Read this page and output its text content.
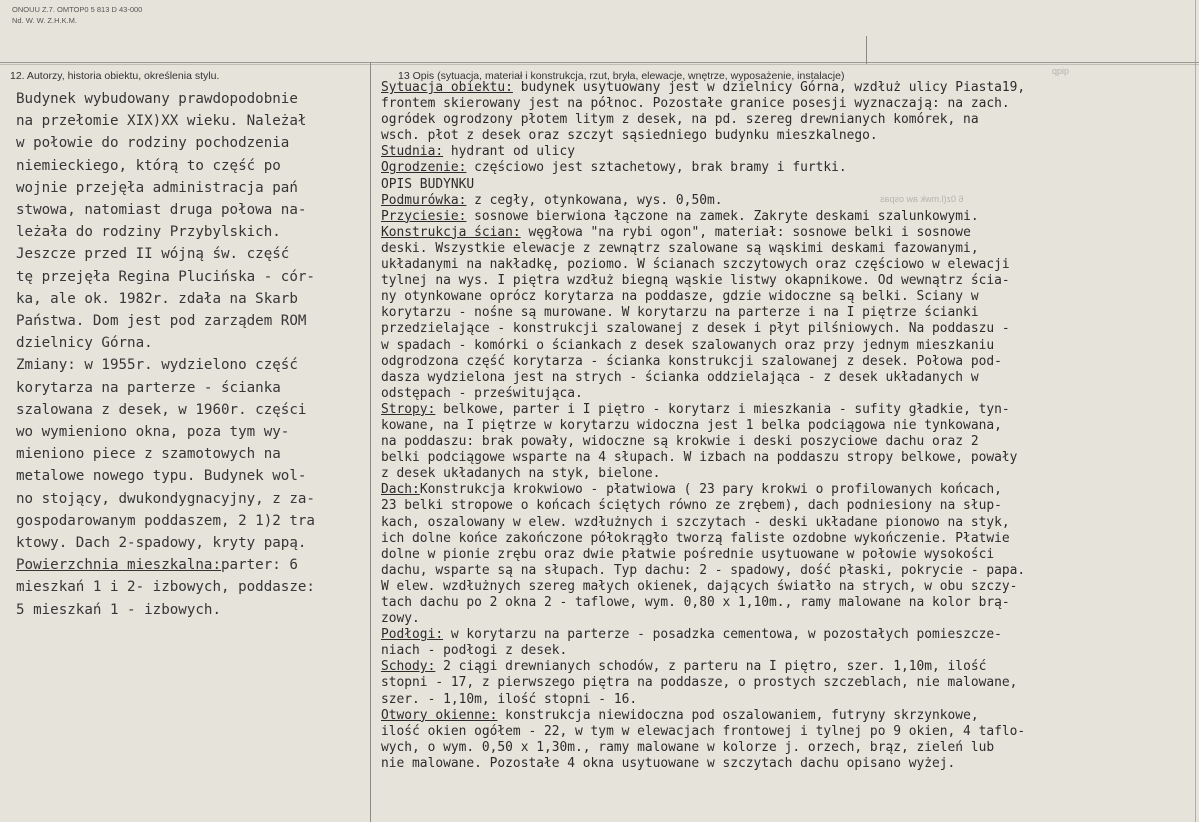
ONOUU Z.7. OMTOP0 5 813 D 43-000
Nd. W. W. Z.H.K.M.
12. Autorzy, historia obiektu, określenia stylu.	13 Opis (sytuacja, materiał i konstrukcja, rzut, bryła, elewacje, wnętrze, wyposażenie, instalacje)	qpip
6 0z(l.mwk aw ospas
Budynek wybudowany prawdopodobnie
na przełomie XIX)XX wieku. Należał
w połowie do rodziny pochodzenia
niemieckiego, którą to część po
wojnie przejęła administracja pań
stwowa, natomiast druga połowa na-
leżała do rodziny Przybylskich.
Jeszcze przed II wójną św. część
tę przejęła Regina Plucińska - cór-
ka, ale ok. 1982r. zdała na Skarb
Państwa. Dom jest pod zarządem ROM
dzielnicy Górna.
Zmiany: w 1955r. wydzielono część
korytarza na parterze - ścianka
szalowana z desek, w 1960r. części
wo wymieniono okna, poza tym wy-
mieniono piece z szamotowych na
metalowe nowego typu. Budynek wol-
no stojący, dwukondygnacyjny, z za-
gospodarowanym poddaszem, 2 1)2 tra
ktowy. Dach 2-spadowy, kryty papą.
Powierzchnia mieszkalna:parter: 6
mieszkań 1 i 2- izbowych, poddasze:
5 mieszkań 1 - izbowych.
Sytuacja obiektu: budynek usytuowany jest w dzielnicy Górna, wzdłuż ulicy Piasta19,
frontem skierowany jest na północ. Pozostałe granice posesji wyznaczają: na zach.
ogródek ogrodzony płotem litym z desek, na pd. szereg drewnianych komórek, na
wsch. płot z desek oraz szczyt sąsiedniego budynku mieszkalnego.
Studnia: hydrant od ulicy
Ogrodzenie: częściowo jest sztachetowy, brak bramy i furtki.
OPIS BUDYNKU
Podmurówka: z cegły, otynkowana, wys. 0,50m.
Przyciesie: sosnowe bierwiona łączone na zamek. Zakryte deskami szalunkowymi.
Konstrukcja ścian: węgłowa "na rybi ogon", materiał: sosnowe belki i sosnowe
deski. Wszystkie elewacje z zewnątrz szalowane są wąskimi deskami fazowanymi,
układanymi na nakładkę, poziomo. W ścianach szczytowych oraz częściowo w elewacji
tylnej na wys. I piętra wzdłuż biegną wąskie listwy okapnikowe. Od wewnątrz ścia-
ny otynkowane oprócz korytarza na poddasze, gdzie widoczne są belki. Ściany w
korytarzu - nośne są murowane. W korytarzu na parterze i na I piętrze ścianki
przedzielające - konstrukcji szalowanej z desek i płyt pilśniowych. Na poddaszu -
w spadach - komórki o ściankach z desek szalowanych oraz przy jednym mieszkaniu
odgrodzona część korytarza - ścianka konstrukcji szalowanej z desek. Połowa pod-
dasza wydzielona jest na strych - ścianka oddzielająca - z desek układanych w
odstępach - prześwitująca.
Stropy: belkowe, parter i I piętro - korytarz i mieszkania - sufity gładkie, tyn-
kowane, na I piętrze w korytarzu widoczna jest 1 belka podciągowa nie tynkowana,
na poddaszu: brak powały, widoczne są krokwie i deski poszyciowe dachu oraz 2
belki podciągowe wsparte na 4 słupach. W izbach na poddaszu stropy belkowe, powały
z desek układanych na styk, bielone.
Dach:Konstrukcja krokwiowo - płatwiowa ( 23 pary krokwi o profilowanych końcach,
23 belki stropowe o końcach ściętych równo ze zrębem), dach podniesiony na słup-
kach, oszalowany w elew. wzdłużnych i szczytach - deski układane pionowo na styk,
ich dolne końce zakończone półokrągło tworzą faliste ozdobne wykończenie. Płatwie
dolne w pionie zrębu oraz dwie płatwie pośrednie usytuowane w połowie wysokości
dachu, wsparte są na słupach. Typ dachu: 2 - spadowy, dość płaski, pokrycie - papa.
W elew. wzdłużnych szereg małych okienek, dających światło na strych, w obu szczy-
tach dachu po 2 okna 2 - taflowe, wym. 0,80 x 1,10m., ramy malowane na kolor brą-
zowy.
Podłogi: w korytarzu na parterze - posadzka cementowa, w pozostałych pomieszcze-
niach - podłogi z desek.
Schody: 2 ciągi drewnianych schodów, z parteru na I piętro, szer. 1,10m, ilość
stopni - 17, z pierwszego piętra na poddasze, o prostych szczeblach, nie malowane,
szer. - 1,10m, ilość stopni - 16.
Otwory okienne: konstrukcja niewidoczna pod oszalowaniem, futryny skrzynkowe,
ilość okien ogółem - 22, w tym w elewacjach frontowej i tylnej po 9 okien, 4 taflo-
wych, o wym. 0,50 x 1,30m., ramy malowane w kolorze j. orzech, brąz, zieleń lub
nie malowane. Pozostałe 4 okna usytuowane w szczytach dachu opisano wyżej.
